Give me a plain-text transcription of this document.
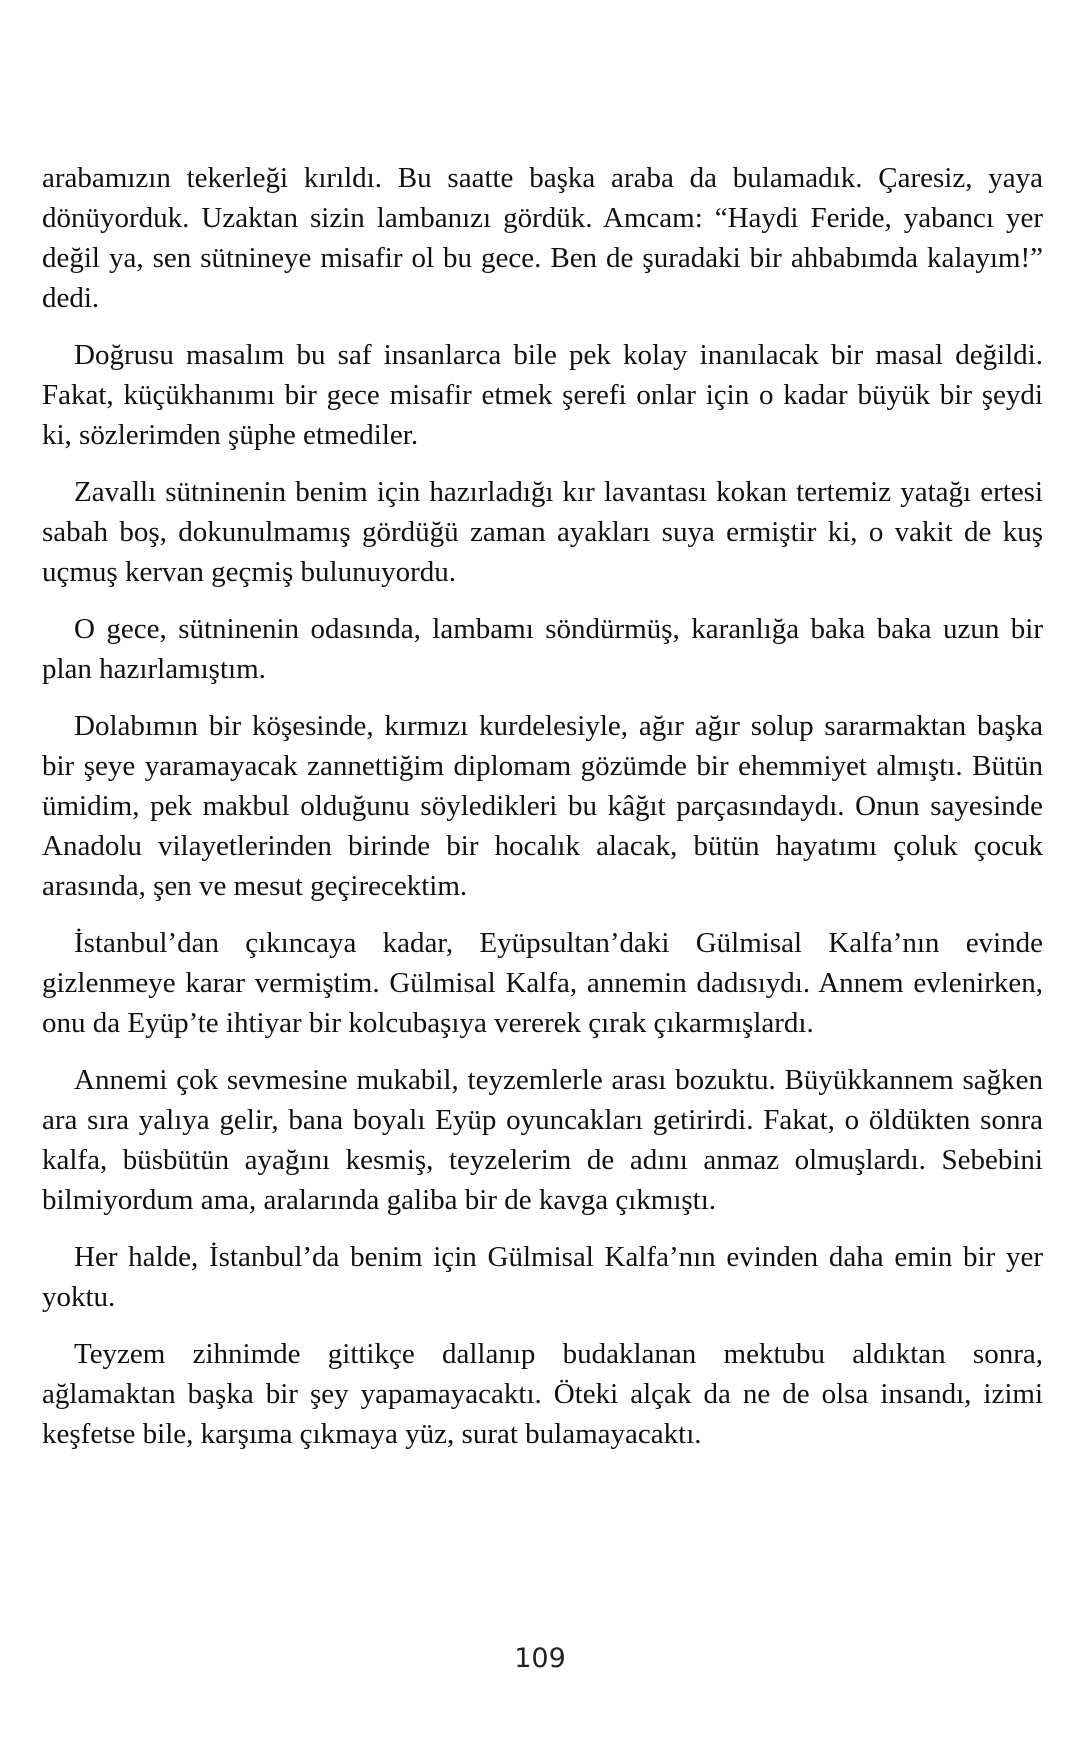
arabamızın tekerleği kırıldı. Bu saatte başka araba da bulamadık. Çaresiz, yaya dönüyorduk. Uzaktan sizin lambanızı gördük. Amcam: “Haydi Feride, yabancı yer değil ya, sen sütnineye misafir ol bu gece. Ben de şuradaki bir ahbabımda kalayım!” dedi.

Doğrusu masalım bu saf insanlarca bile pek kolay inanılacak bir masal değildi. Fakat, küçükhanımı bir gece misafir etmek şerefi onlar için o kadar büyük bir şeydi ki, sözlerimden şüphe etmediler.

Zavallı sütninenin benim için hazırladığı kır lavantası kokan tertemiz yatağı ertesi sabah boş, dokunulmamış gördüğü zaman ayakları suya ermiştir ki, o vakit de kuş uçmuş kervan geçmiş bulunuyordu.

O gece, sütninenin odasında, lambamı söndürmüş, karanlığa baka baka uzun bir plan hazırlamıştım.

Dolabımın bir köşesinde, kırmızı kurdelesiyle, ağır ağır solup sararmaktan başka bir şeye yaramayacak zannettiğim diplomam gözümde bir ehemmiyet almıştı. Bütün ümidim, pek makbul olduğunu söyledikleri bu kâğıt parçasındaydı. Onun sayesinde Anadolu vilayetlerinden birinde bir hocalık alacak, bütün hayatımı çoluk çocuk arasında, şen ve mesut geçirecektim.

İstanbul’dan çıkıncaya kadar, Eyüpsultan’daki Gülmisal Kalfa’nın evinde gizlenmeye karar vermiştim. Gülmisal Kalfa, annemin dadısıydı. Annem evlenirken, onu da Eyüp’te ihtiyar bir kolcubaşıya vererek çırak çıkarmışlardı.

Annemi çok sevmesine mukabil, teyzemlerle arası bozuktu. Büyükkannem sağken ara sıra yalıya gelir, bana boyalı Eyüp oyuncakları getirirdi. Fakat, o öldükten sonra kalfa, büsbütün ayağını kesmiş, teyzelerim de adını anmaz olmuşlardı. Sebebini bilmiyordum ama, aralarında galiba bir de kavga çıkmıştı.

Her halde, İstanbul’da benim için Gülmisal Kalfa’nın evinden daha emin bir yer yoktu.

Teyzem zihnimde gittikçe dallanıp budaklanan mektubu aldıktan sonra, ağlamaktan başka bir şey yapamayacaktı. Öteki alçak da ne de olsa insandı, izimi keşfetse bile, karşıma çıkmaya yüz, surat bulamayacaktı.

109
